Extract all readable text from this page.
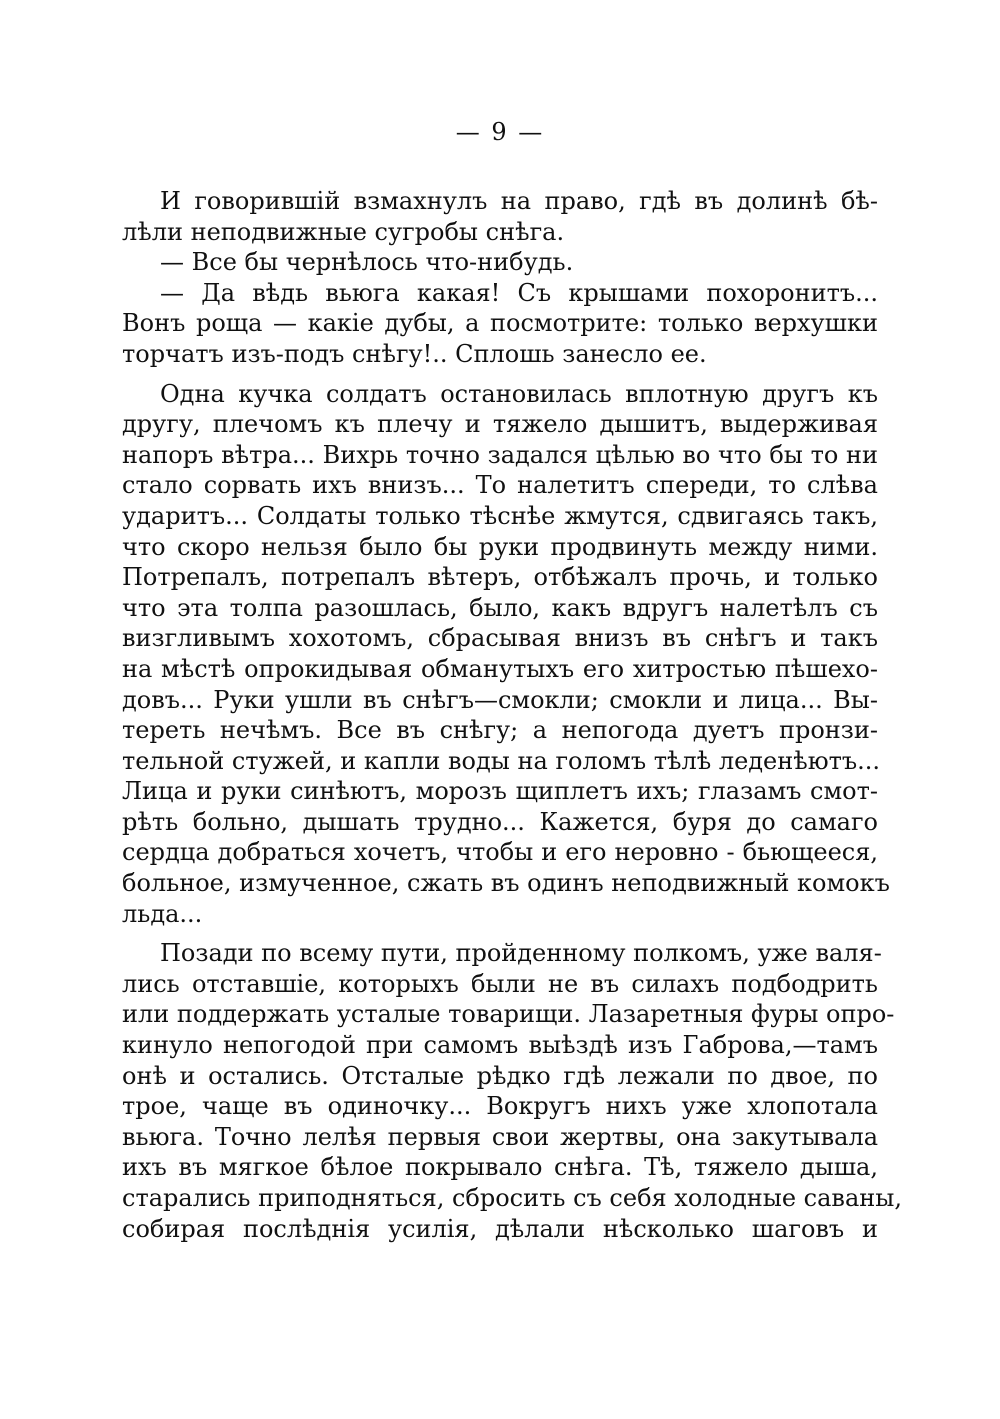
— 9 —
И говорившій взмахнулъ на право, гдѣ въ долинѣ бѣ-
лѣли неподвижные сугробы снѣга.
— Все бы чернѣлось что-нибудь.
— Да вѣдь вьюга какая! Съ крышами похоронитъ...
Вонъ роща — какіе дубы, а посмотрите: только верхушки
торчатъ изъ-подъ снѣгу!.. Сплошь занесло ее.
Одна кучка солдатъ остановилась вплотную другъ къ
другу, плечомъ къ плечу и тяжело дышитъ, выдерживая
напоръ вѣтра... Вихрь точно задался цѣлью во что бы то ни
стало сорвать ихъ внизъ... То налетитъ спереди, то слѣва
ударитъ... Солдаты только тѣснѣе жмутся, сдвигаясь такъ,
что скоро нельзя было бы руки продвинуть между ними.
Потрепалъ, потрепалъ вѣтеръ, отбѣжалъ прочь, и только
что эта толпа разошлась, было, какъ вдругъ налетѣлъ съ
визгливымъ хохотомъ, сбрасывая внизъ въ снѣгъ и такъ
на мѣстѣ опрокидывая обманутыхъ его хитростью пѣшехо-
довъ... Руки ушли въ снѣгъ—смокли; смокли и лица... Вы-
тереть нечѣмъ. Все въ снѣгу; а непогода дуетъ пронзи-
тельной стужей, и капли воды на голомъ тѣлѣ леденѣютъ...
Лица и руки синѣютъ, морозъ щиплетъ ихъ; глазамъ смот-
рѣть больно, дышать трудно... Кажется, буря до самаго
сердца добраться хочетъ, чтобы и его неровно - бьющееся,
больное, измученное, сжать въ одинъ неподвижный комокъ
льда...
Позади по всему пути, пройденному полкомъ, уже валя-
лись отставшіе, которыхъ были не въ силахъ подбодрить
или поддержать усталые товарищи. Лазаретныя фуры опро-
кинуло непогодой при самомъ выѣздѣ изъ Габрова,—тамъ
онѣ и остались. Отсталые рѣдко гдѣ лежали по двое, по
трое, чаще въ одиночку... Вокругъ нихъ уже хлопотала
вьюга. Точно лелѣя первыя свои жертвы, она закутывала
ихъ въ мягкое бѣлое покрывало снѣга. Тѣ, тяжело дыша,
старались приподняться, сбросить съ себя холодные саваны,
собирая послѣднія усилія, дѣлали нѣсколько шаговъ и
